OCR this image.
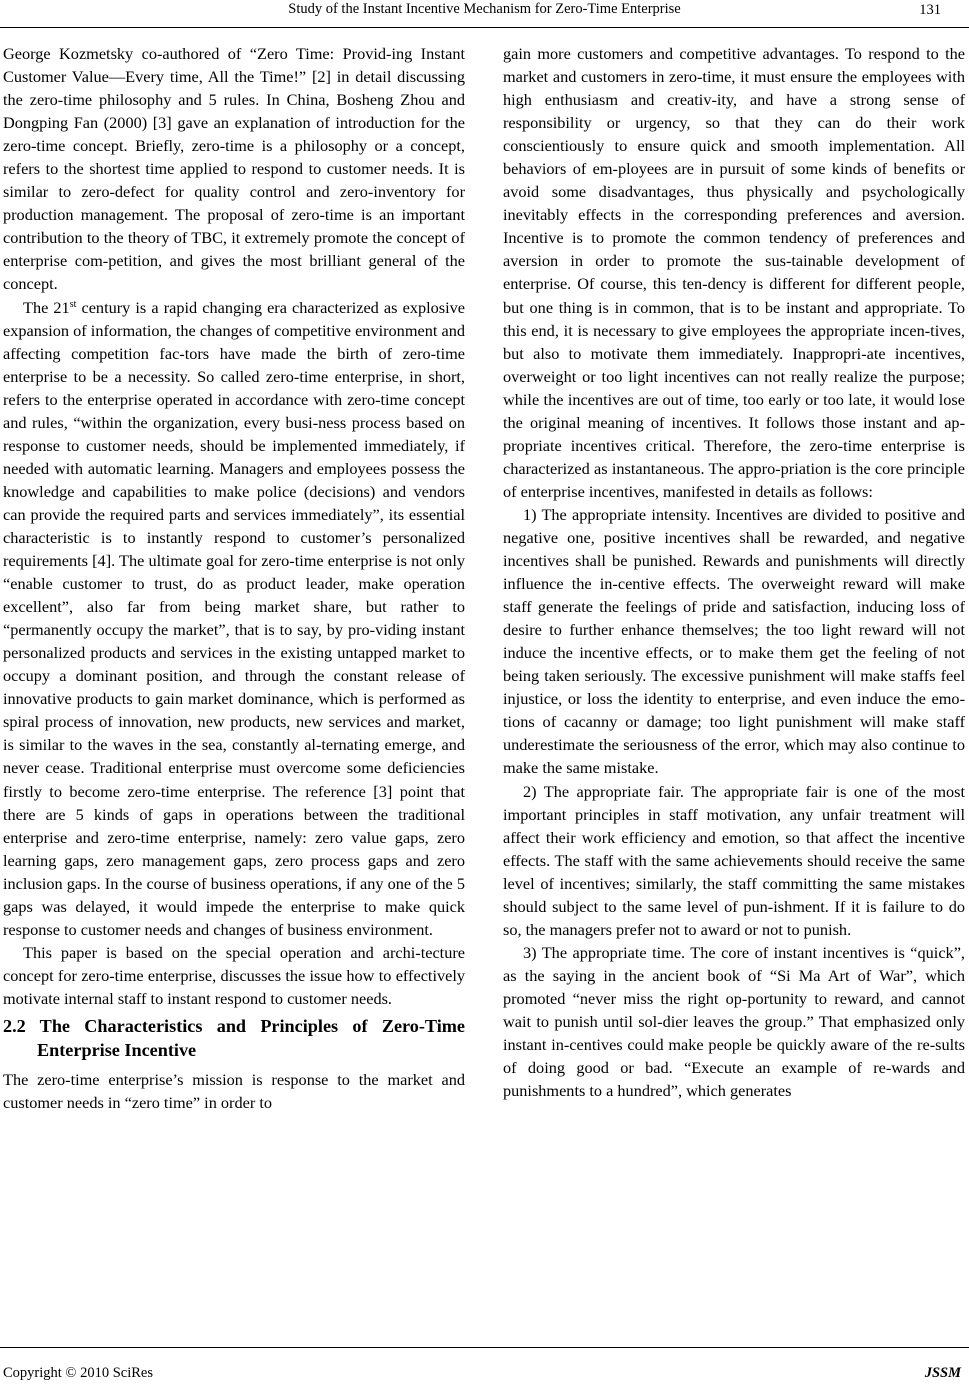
Study of the Instant Incentive Mechanism for Zero-Time Enterprise	131

George Kozmetsky co-authored of “Zero Time: Provid-ing Instant Customer Value—Every time, All the Time!” [2] in detail discussing the zero-time philosophy and 5 rules. In China, Bosheng Zhou and Dongping Fan (2000) [3] gave an explanation of introduction for the zero-time concept. Briefly, zero-time is a philosophy or a concept, refers to the shortest time applied to respond to customer needs. It is similar to zero-defect for quality control and zero-inventory for production management. The proposal of zero-time is an important contribution to the theory of TBC, it extremely promote the concept of enterprise com-petition, and gives the most brilliant general of the concept.

The 21st century is a rapid changing era characterized as explosive expansion of information, the changes of competitive environment and affecting competition fac-tors have made the birth of zero-time enterprise to be a necessity. So called zero-time enterprise, in short, refers to the enterprise operated in accordance with zero-time concept and rules, “within the organization, every busi-ness process based on response to customer needs, should be implemented immediately, if needed with automatic learning. Managers and employees possess the knowledge and capabilities to make police (decisions) and vendors can provide the required parts and services immediately”, its essential characteristic is to instantly respond to customer’s personalized requirements [4]. The ultimate goal for zero-time enterprise is not only “enable customer to trust, do as product leader, make operation excellent”, also far from being market share, but rather to “permanently occupy the market”, that is to say, by pro-viding instant personalized products and services in the existing untapped market to occupy a dominant position, and through the constant release of innovative products to gain market dominance, which is performed as spiral process of innovation, new products, new services and market, is similar to the waves in the sea, constantly al-ternating emerge, and never cease. Traditional enterprise must overcome some deficiencies firstly to become zero-time enterprise. The reference [3] point that there are 5 kinds of gaps in operations between the traditional enterprise and zero-time enterprise, namely: zero value gaps, zero learning gaps, zero management gaps, zero process gaps and zero inclusion gaps. In the course of business operations, if any one of the 5 gaps was delayed, it would impede the enterprise to make quick response to customer needs and changes of business environment.

This paper is based on the special operation and archi-tecture concept for zero-time enterprise, discusses the issue how to effectively motivate internal staff to instant respond to customer needs.

2.2 The Characteristics and Principles of Zero-Time Enterprise Incentive

The zero-time enterprise’s mission is response to the market and customer needs in “zero time” in order to

gain more customers and competitive advantages. To respond to the market and customers in zero-time, it must ensure the employees with high enthusiasm and creativ-ity, and have a strong sense of responsibility or urgency, so that they can do their work conscientiously to ensure quick and smooth implementation. All behaviors of em-ployees are in pursuit of some kinds of benefits or avoid some disadvantages, thus physically and psychologically inevitably effects in the corresponding preferences and aversion. Incentive is to promote the common tendency of preferences and aversion in order to promote the sus-tainable development of enterprise. Of course, this ten-dency is different for different people, but one thing is in common, that is to be instant and appropriate. To this end, it is necessary to give employees the appropriate incen-tives, but also to motivate them immediately. Inappropri-ate incentives, overweight or too light incentives can not really realize the purpose; while the incentives are out of time, too early or too late, it would lose the original meaning of incentives. It follows those instant and ap-propriate incentives critical. Therefore, the zero-time enterprise is characterized as instantaneous. The appro-priation is the core principle of enterprise incentives, manifested in details as follows:

1) The appropriate intensity. Incentives are divided to positive and negative one, positive incentives shall be rewarded, and negative incentives shall be punished. Rewards and punishments will directly influence the in-centive effects. The overweight reward will make staff generate the feelings of pride and satisfaction, inducing loss of desire to further enhance themselves; the too light reward will not induce the incentive effects, or to make them get the feeling of not being taken seriously. The excessive punishment will make staffs feel injustice, or loss the identity to enterprise, and even induce the emo-tions of cacanny or damage; too light punishment will make staff underestimate the seriousness of the error, which may also continue to make the same mistake.

2) The appropriate fair. The appropriate fair is one of the most important principles in staff motivation, any unfair treatment will affect their work efficiency and emotion, so that affect the incentive effects. The staff with the same achievements should receive the same level of incentives; similarly, the staff committing the same mistakes should subject to the same level of pun-ishment. If it is failure to do so, the managers prefer not to award or not to punish.

3) The appropriate time. The core of instant incentives is “quick”, as the saying in the ancient book of “Si Ma Art of War”, which promoted “never miss the right op-portunity to reward, and cannot wait to punish until sol-dier leaves the group.” That emphasized only instant in-centives could make people be quickly aware of the re-sults of doing good or bad. “Execute an example of re-wards and punishments to a hundred”, which generates

Copyright © 2010 SciRes	JSSM
